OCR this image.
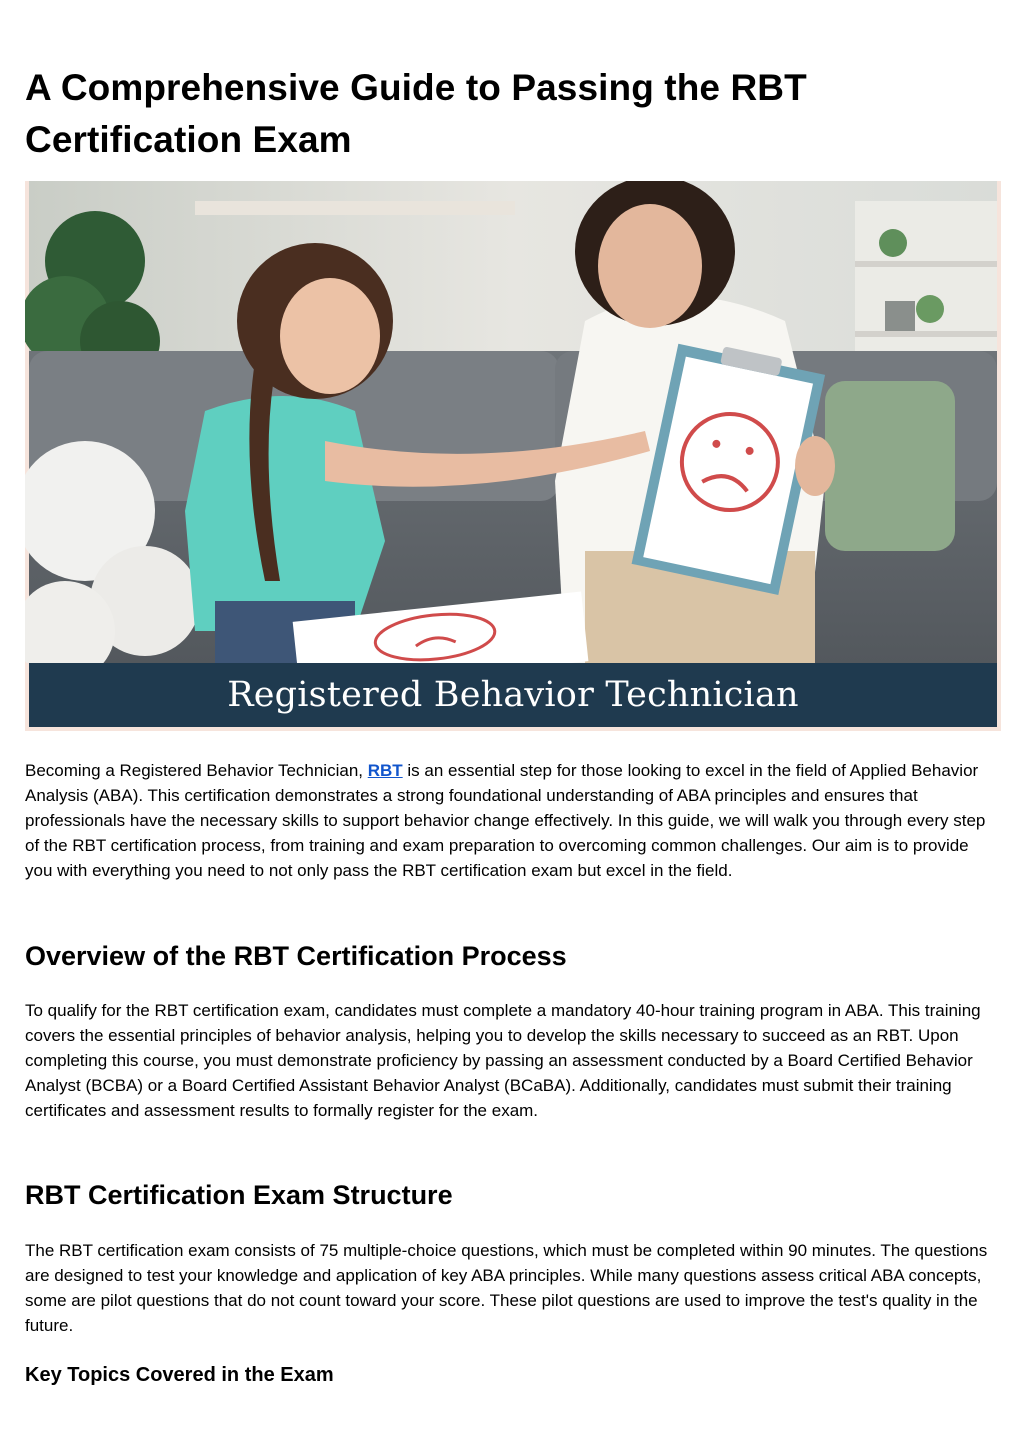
A Comprehensive Guide to Passing the RBT Certification Exam
Registered Behavior Technician

Becoming a Registered Behavior Technician, RBT is an essential step for those looking to excel in the field of Applied Behavior Analysis (ABA). This certification demonstrates a strong foundational understanding of ABA principles and ensures that professionals have the necessary skills to support behavior change effectively. In this guide, we will walk you through every step of the RBT certification process, from training and exam preparation to overcoming common challenges. Our aim is to provide you with everything you need to not only pass the RBT certification exam but excel in the field.

Overview of the RBT Certification Process

To qualify for the RBT certification exam, candidates must complete a mandatory 40-hour training program in ABA. This training covers the essential principles of behavior analysis, helping you to develop the skills necessary to succeed as an RBT. Upon completing this course, you must demonstrate proficiency by passing an assessment conducted by a Board Certified Behavior Analyst (BCBA) or a Board Certified Assistant Behavior Analyst (BCaBA). Additionally, candidates must submit their training certificates and assessment results to formally register for the exam.

RBT Certification Exam Structure

The RBT certification exam consists of 75 multiple-choice questions, which must be completed within 90 minutes. The questions are designed to test your knowledge and application of key ABA principles. While many questions assess critical ABA concepts, some are pilot questions that do not count toward your score. These pilot questions are used to improve the test's quality in the future.

Key Topics Covered in the Exam
